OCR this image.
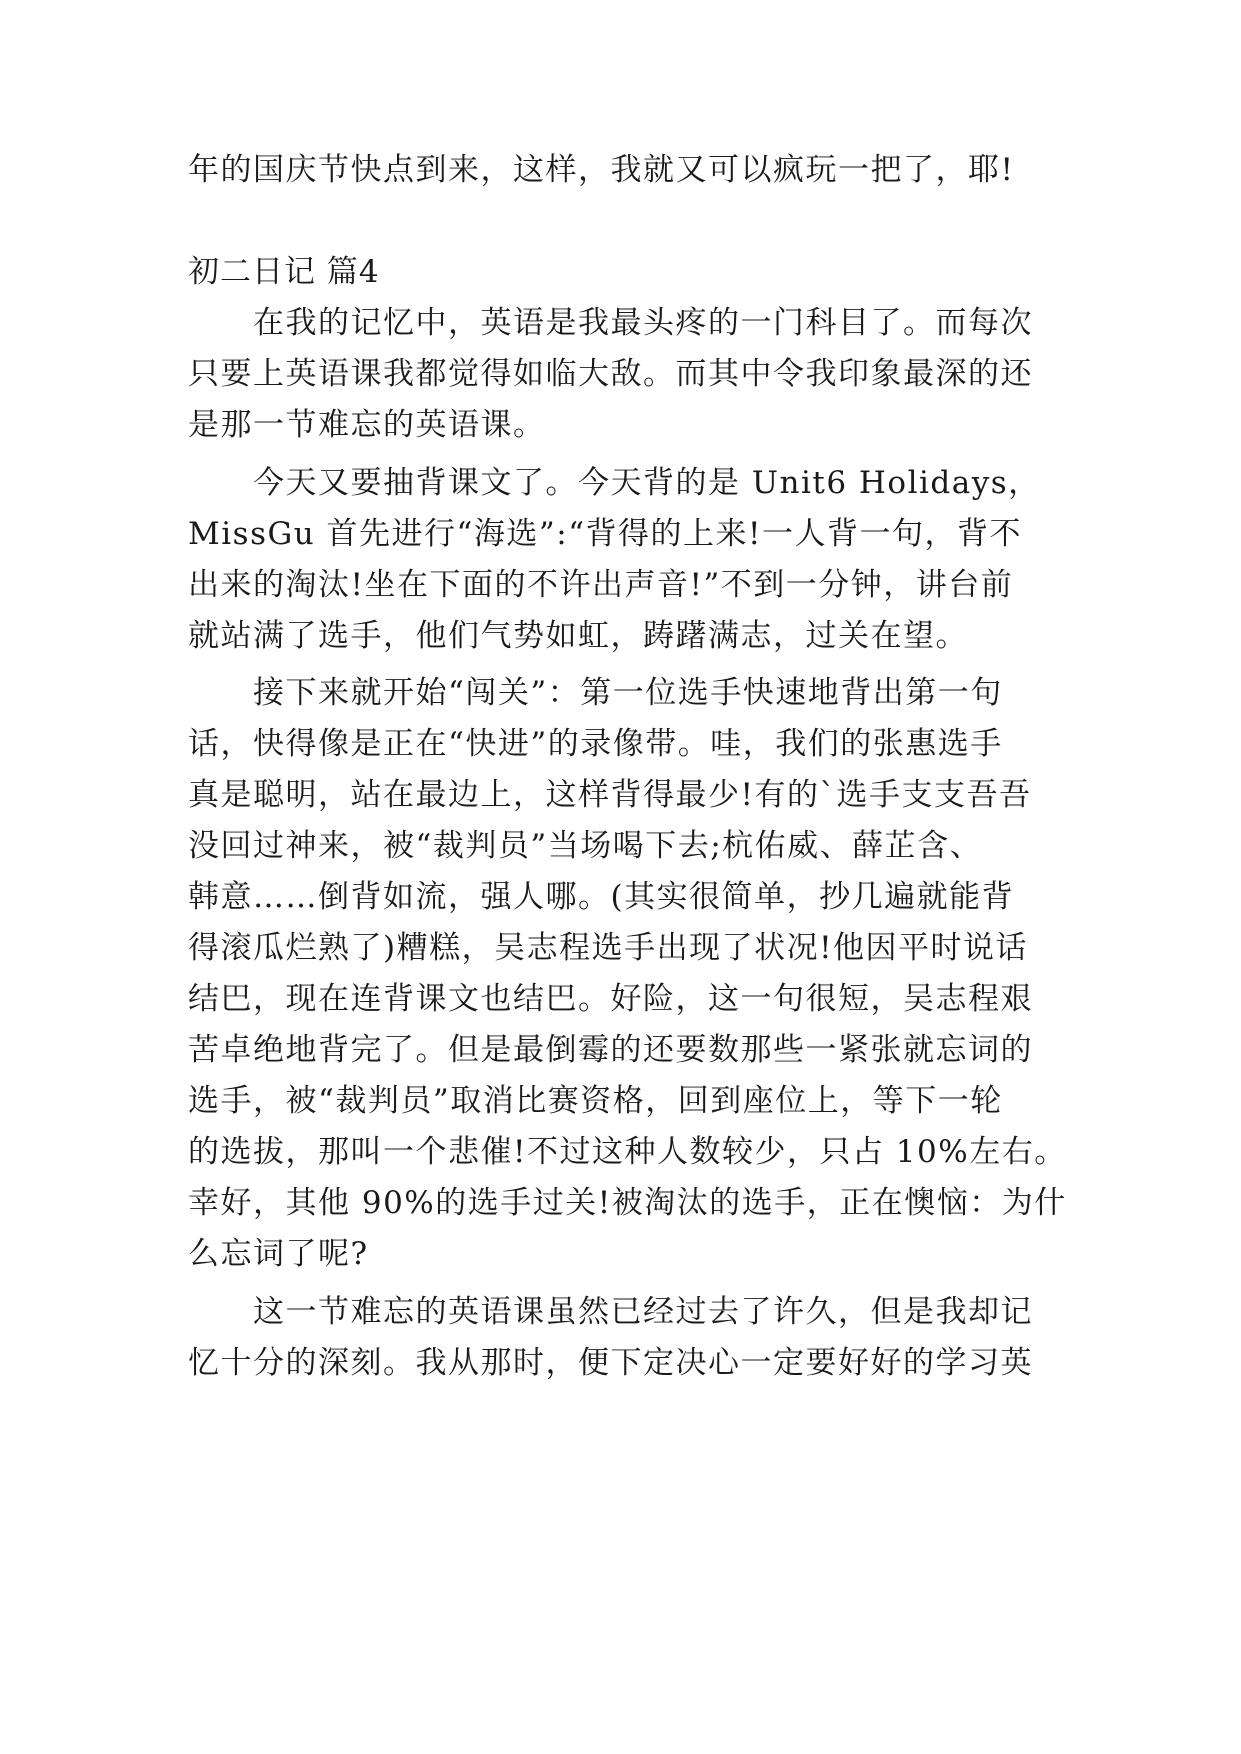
年的国庆节快点到来，这样，我就又可以疯玩一把了，耶!
初二日记 篇4
在我的记忆中，英语是我最头疼的一门科目了。而每次
只要上英语课我都觉得如临大敌。而其中令我印象最深的还
是那一节难忘的英语课。
今天又要抽背课文了。今天背的是 Unit6 Holidays，
MissGu 首先进行“海选”:“背得的上来!一人背一句，背不
出来的淘汰!坐在下面的不许出声音!”不到一分钟，讲台前
就站满了选手，他们气势如虹，踌躇满志，过关在望。
接下来就开始“闯关”：第一位选手快速地背出第一句
话，快得像是正在“快进”的录像带。哇，我们的张惠选手
真是聪明，站在最边上，这样背得最少!有的`选手支支吾吾
没回过神来，被“裁判员”当场喝下去;杭佑威、薛芷含、
韩意……倒背如流，强人哪。(其实很简单，抄几遍就能背
得滚瓜烂熟了)糟糕，吴志程选手出现了状况!他因平时说话
结巴，现在连背课文也结巴。好险，这一句很短，吴志程艰
苦卓绝地背完了。但是最倒霉的还要数那些一紧张就忘词的
选手，被“裁判员”取消比赛资格，回到座位上，等下一轮
的选拔，那叫一个悲催!不过这种人数较少，只占 10%左右。
幸好，其他 90%的选手过关!被淘汰的选手，正在懊恼：为什
么忘词了呢?
这一节难忘的英语课虽然已经过去了许久，但是我却记
忆十分的深刻。我从那时，便下定决心一定要好好的学习英
